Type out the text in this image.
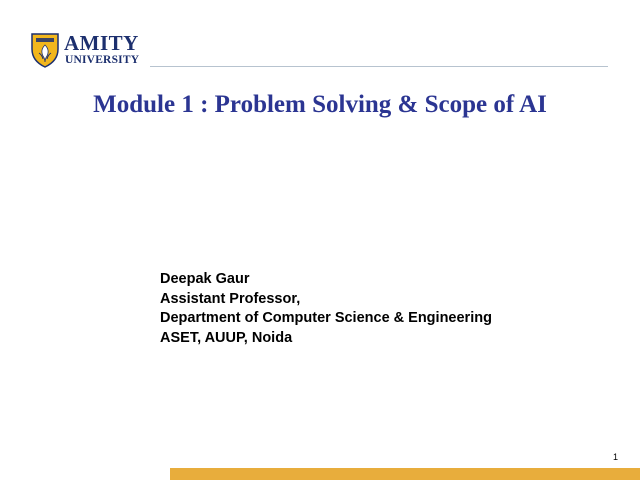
AMITY
UNIVERSITY
Module 1 : Problem Solving & Scope of AI
Deepak Gaur
Assistant Professor,
Department of Computer Science & Engineering
ASET, AUUP, Noida
1
